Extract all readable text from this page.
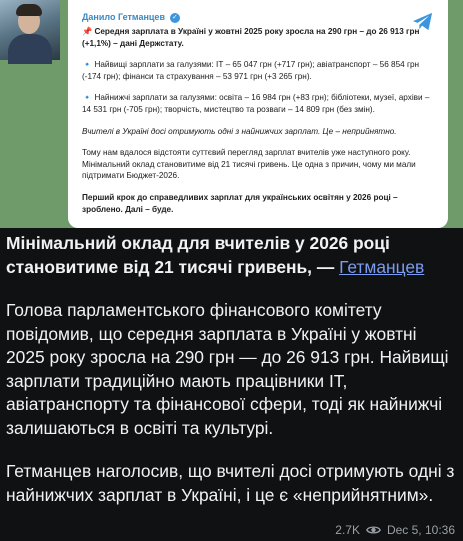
Данило Гетманцев ✓

📌 Середня зарплата в Україні у жовтні 2025 року зросла на 290 грн – до 26 913 грн (+1,1%) – дані Держстату.

🔹 Найвищі зарплати за галузями: ІТ – 65 047 грн (+717 грн); авіатранспорт – 56 854 грн (-174 грн); фінанси та страхування – 53 971 грн (+3 265 грн).

🔹 Найнижчі зарплати за галузями: освіта – 16 984 грн (+83 грн); бібліотеки, музеї, архіви – 14 531 грн (-705 грн); творчість, мистецтво та розваги – 14 809 грн (без змін).

Вчителі в Україні досі отримують одні з найнижчих зарплат. Це – неприйнятно.

Тому нам вдалося відстояти суттєвий перегляд зарплат вчителів уже наступного року. Мінімальний оклад становитиме від 21 тисячі гривень. Це одна з причин, чому ми мали підтримати Бюджет-2026.

Перший крок до справедливих зарплат для українських освітян у 2026 році – зроблено. Далі – буде.

Мінімальний оклад для вчителів у 2026 році становитиме від 21 тисячі гривень, — Гетманцев
Голова парламентського фінансового комітету повідомив, що середня зарплата в Україні у жовтні 2025 року зросла на 290 грн — до 26 913 грн. Найвищі зарплати традиційно мають працівники IT, авіатранспорту та фінансової сфери, тоді як найнижчі залишаються в освіті та культурі.
Гетманцев наголосив, що вчителі досі отримують одні з найнижчих зарплат в Україні, і це є «неприйнятним».
2.7K Dec 5, 10:36
